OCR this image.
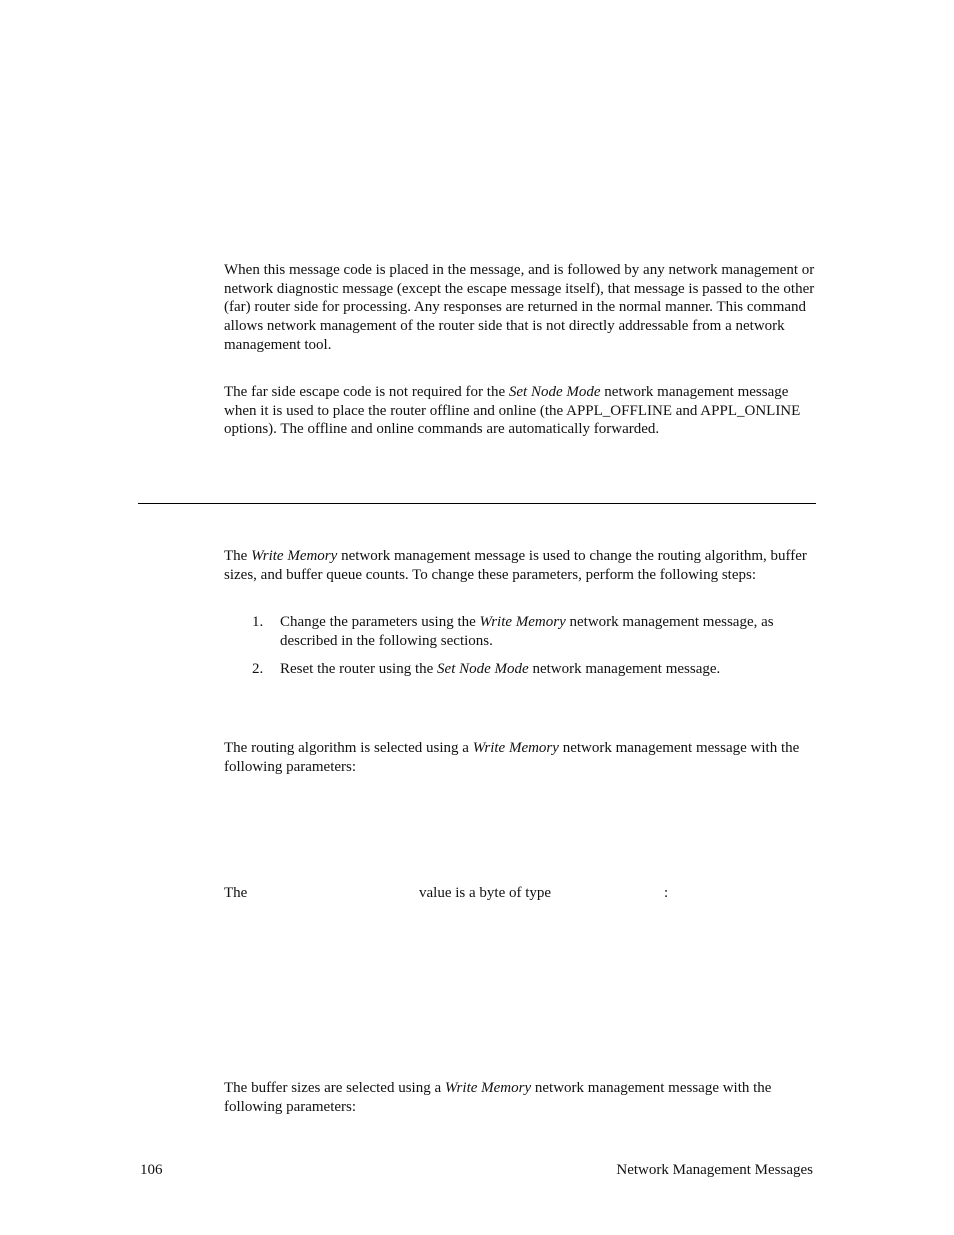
When this message code is placed in the message, and is followed by any network management or network diagnostic message (except the escape message itself), that message is passed to the other (far) router side for processing. Any responses are returned in the normal manner. This command allows network management of the router side that is not directly addressable from a network management tool.

The far side escape code is not required for the Set Node Mode network management message when it is used to place the router offline and online (the APPL_OFFLINE and APPL_ONLINE options). The offline and online commands are automatically forwarded.

The Write Memory network management message is used to change the routing algorithm, buffer sizes, and buffer queue counts. To change these parameters, perform the following steps:

1. Change the parameters using the Write Memory network management message, as described in the following sections.
2. Reset the router using the Set Node Mode network management message.

The routing algorithm is selected using a Write Memory network management message with the following parameters:

The	value is a byte of type	:

The buffer sizes are selected using a Write Memory network management message with the following parameters:

106	Network Management Messages
